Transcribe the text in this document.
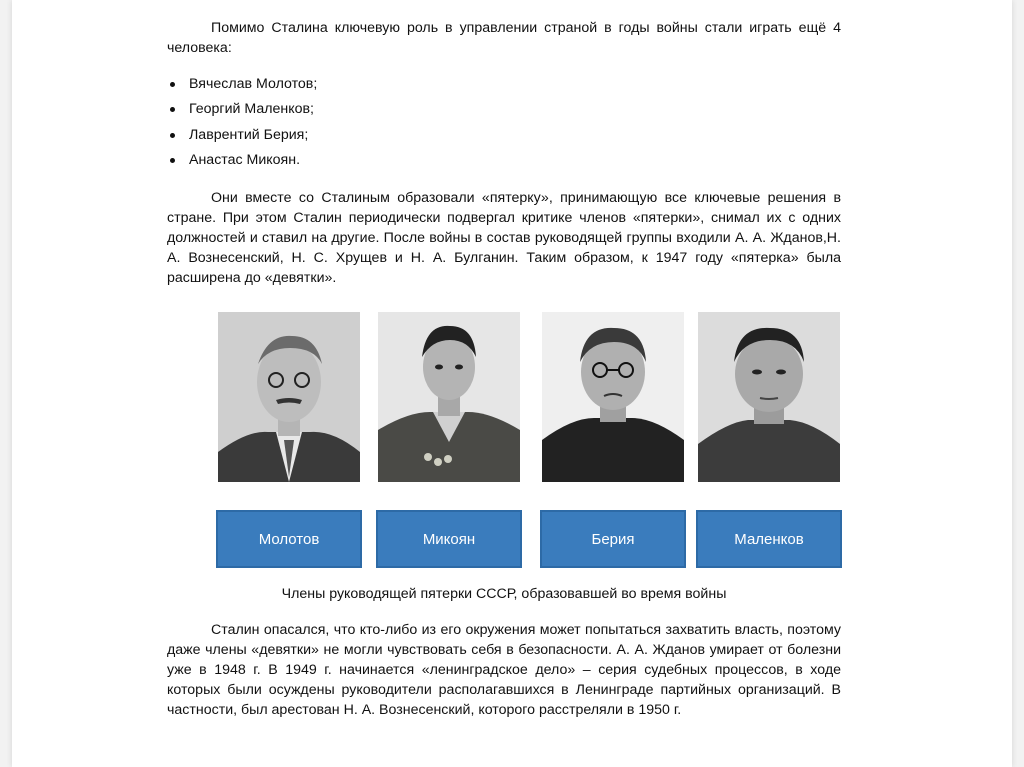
Помимо Сталина ключевую роль в управлении страной в годы войны стали играть ещё 4 человека:

Вячеслав Молотов;
Георгий Маленков;
Лаврентий Берия;
Анастас Микоян.

Они вместе со Сталиным образовали «пятерку», принимающую все ключевые решения в стране. При этом Сталин периодически подвергал критике членов «пятерки», снимал их с одних должностей и ставил на другие. После войны в состав руководящей группы входили А. А. Жданов,Н. А. Вознесенский, Н. С. Хрущев и Н. А. Булганин. Таким образом, к 1947 году «пятерка» была расширена до «девятки».

Молотов	Микоян	Берия	Маленков

Члены руководящей пятерки СССР, образовавшей во время войны

Сталин опасался, что кто-либо из его окружения может попытаться захватить власть, поэтому даже члены «девятки» не могли чувствовать себя в безопасности. А. А. Жданов умирает от болезни уже в 1948 г. В 1949 г. начинается «ленинградское дело» – серия судебных процессов, в ходе которых были осуждены руководители располагавшихся в Ленинграде партийных организаций. В частности, был арестован Н. А. Вознесенский, которого расстреляли в 1950 г.
